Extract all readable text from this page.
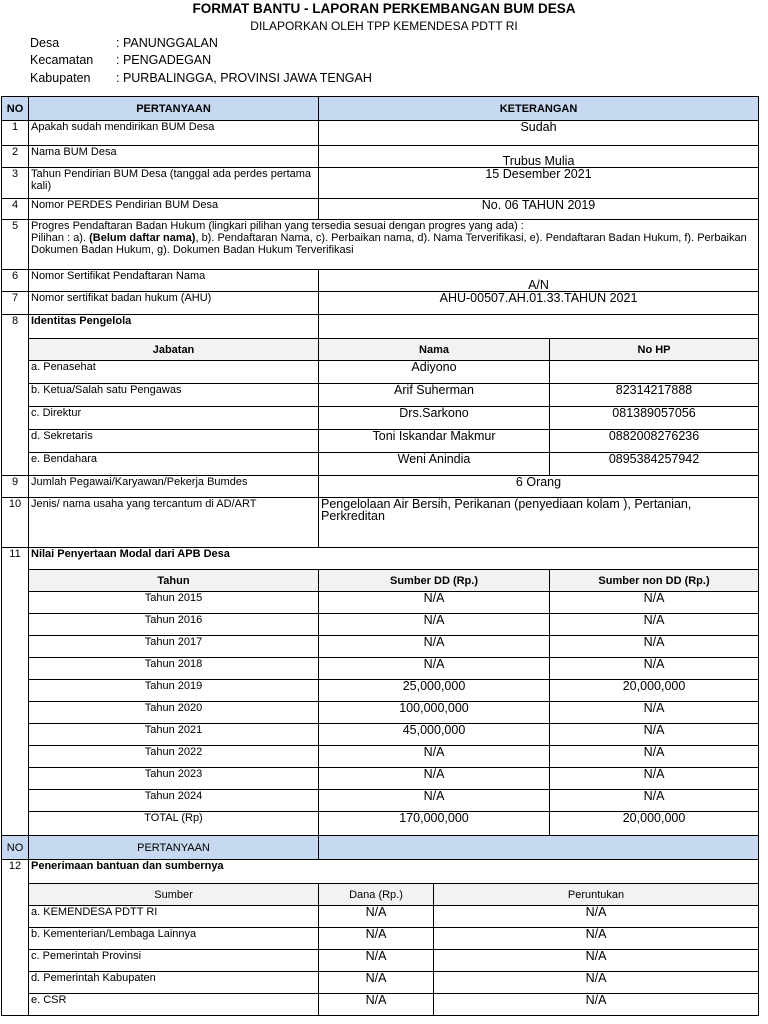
FORMAT BANTU - LAPORAN PERKEMBANGAN BUM DESA
DILAPORKAN OLEH TPP KEMENDESA PDTT RI
Desa	: PANUNGGALAN
Kecamatan : PENGADEGAN
Kabupaten : PURBALINGGA, PROVINSI JAWA TENGAH
NO	PERTANYAAN	KETERANGAN		
1	Apakah sudah mendirikan BUM Desa	Sudah		
2	Nama BUM Desa	Trubus Mulia		
3	Tahun Pendirian BUM Desa (tanggal ada perdes pertama kali)	15 Desember 2021		
4	Nomor PERDES Pendirian BUM Desa	No. 06 TAHUN 2019		
5	Progres Pendaftaran Badan Hukum (lingkari pilihan yang tersedia sesuai dengan progres yang ada) :
Pilihan : a). (Belum daftar nama), b). Pendaftaran Nama, c). Perbaikan nama, d). Nama Terverifikasi, e). Pendaftaran Badan Hukum, f). Perbaikan Dokumen Badan Hukum, g). Dokumen Badan Hukum Terverifikasi			

6	Nomor Sertifikat Pendaftaran Nama	A/N		
7	Nomor sertifikat badan hukum (AHU)	AHU-00507.AH.01.33.TAHUN 2021		
8	Identitas Pengelola			
	Jabatan	Nama		No HP
	a. Penasehat	Adiyono		
	b. Ketua/Salah satu Pengawas	Arif Suherman		82314217888
	c. Direktur	Drs.Sarkono		081389057056
	d. Sekretaris	Toni Iskandar Makmur		0882008276236
	e. Bendahara	Weni Anindia		0895384257942
9	Jumlah Pegawai/Karyawan/Pekerja Bumdes	6 Orang		
10	Jenis/ nama usaha yang tercantum di AD/ART	Pengelolaan Air Bersih, Perikanan (penyediaan kolam ), Pertanian, Perkreditan		
11	Nilai Penyertaan Modal dari APB Desa			
	Tahun	Sumber DD (Rp.)		Sumber non DD (Rp.)
	Tahun 2015	N/A		N/A
	Tahun 2016	N/A		N/A
	Tahun 2017	N/A		N/A
	Tahun 2018	N/A		N/A
	Tahun 2019	25,000,000		20,000,000
	Tahun 2020	100,000,000		N/A
	Tahun 2021	45,000,000		N/A
	Tahun 2022	N/A		N/A
	Tahun 2023	N/A		N/A
	Tahun 2024	N/A		N/A
	TOTAL (Rp)	170,000,000		20,000,000
NO	PERTANYAAN			
12	Penerimaan bantuan dan sumbernya			
	Sumber	Dana (Rp.)	Peruntukan	
	a. KEMENDESA PDTT RI	N/A	N/A	
	b. Kementerian/Lembaga Lainnya	N/A	N/A	
	c. Pemerintah Provinsi	N/A	N/A	
	d. Pemerintah Kabupaten	N/A	N/A	
	e. CSR	N/A	N/A	
